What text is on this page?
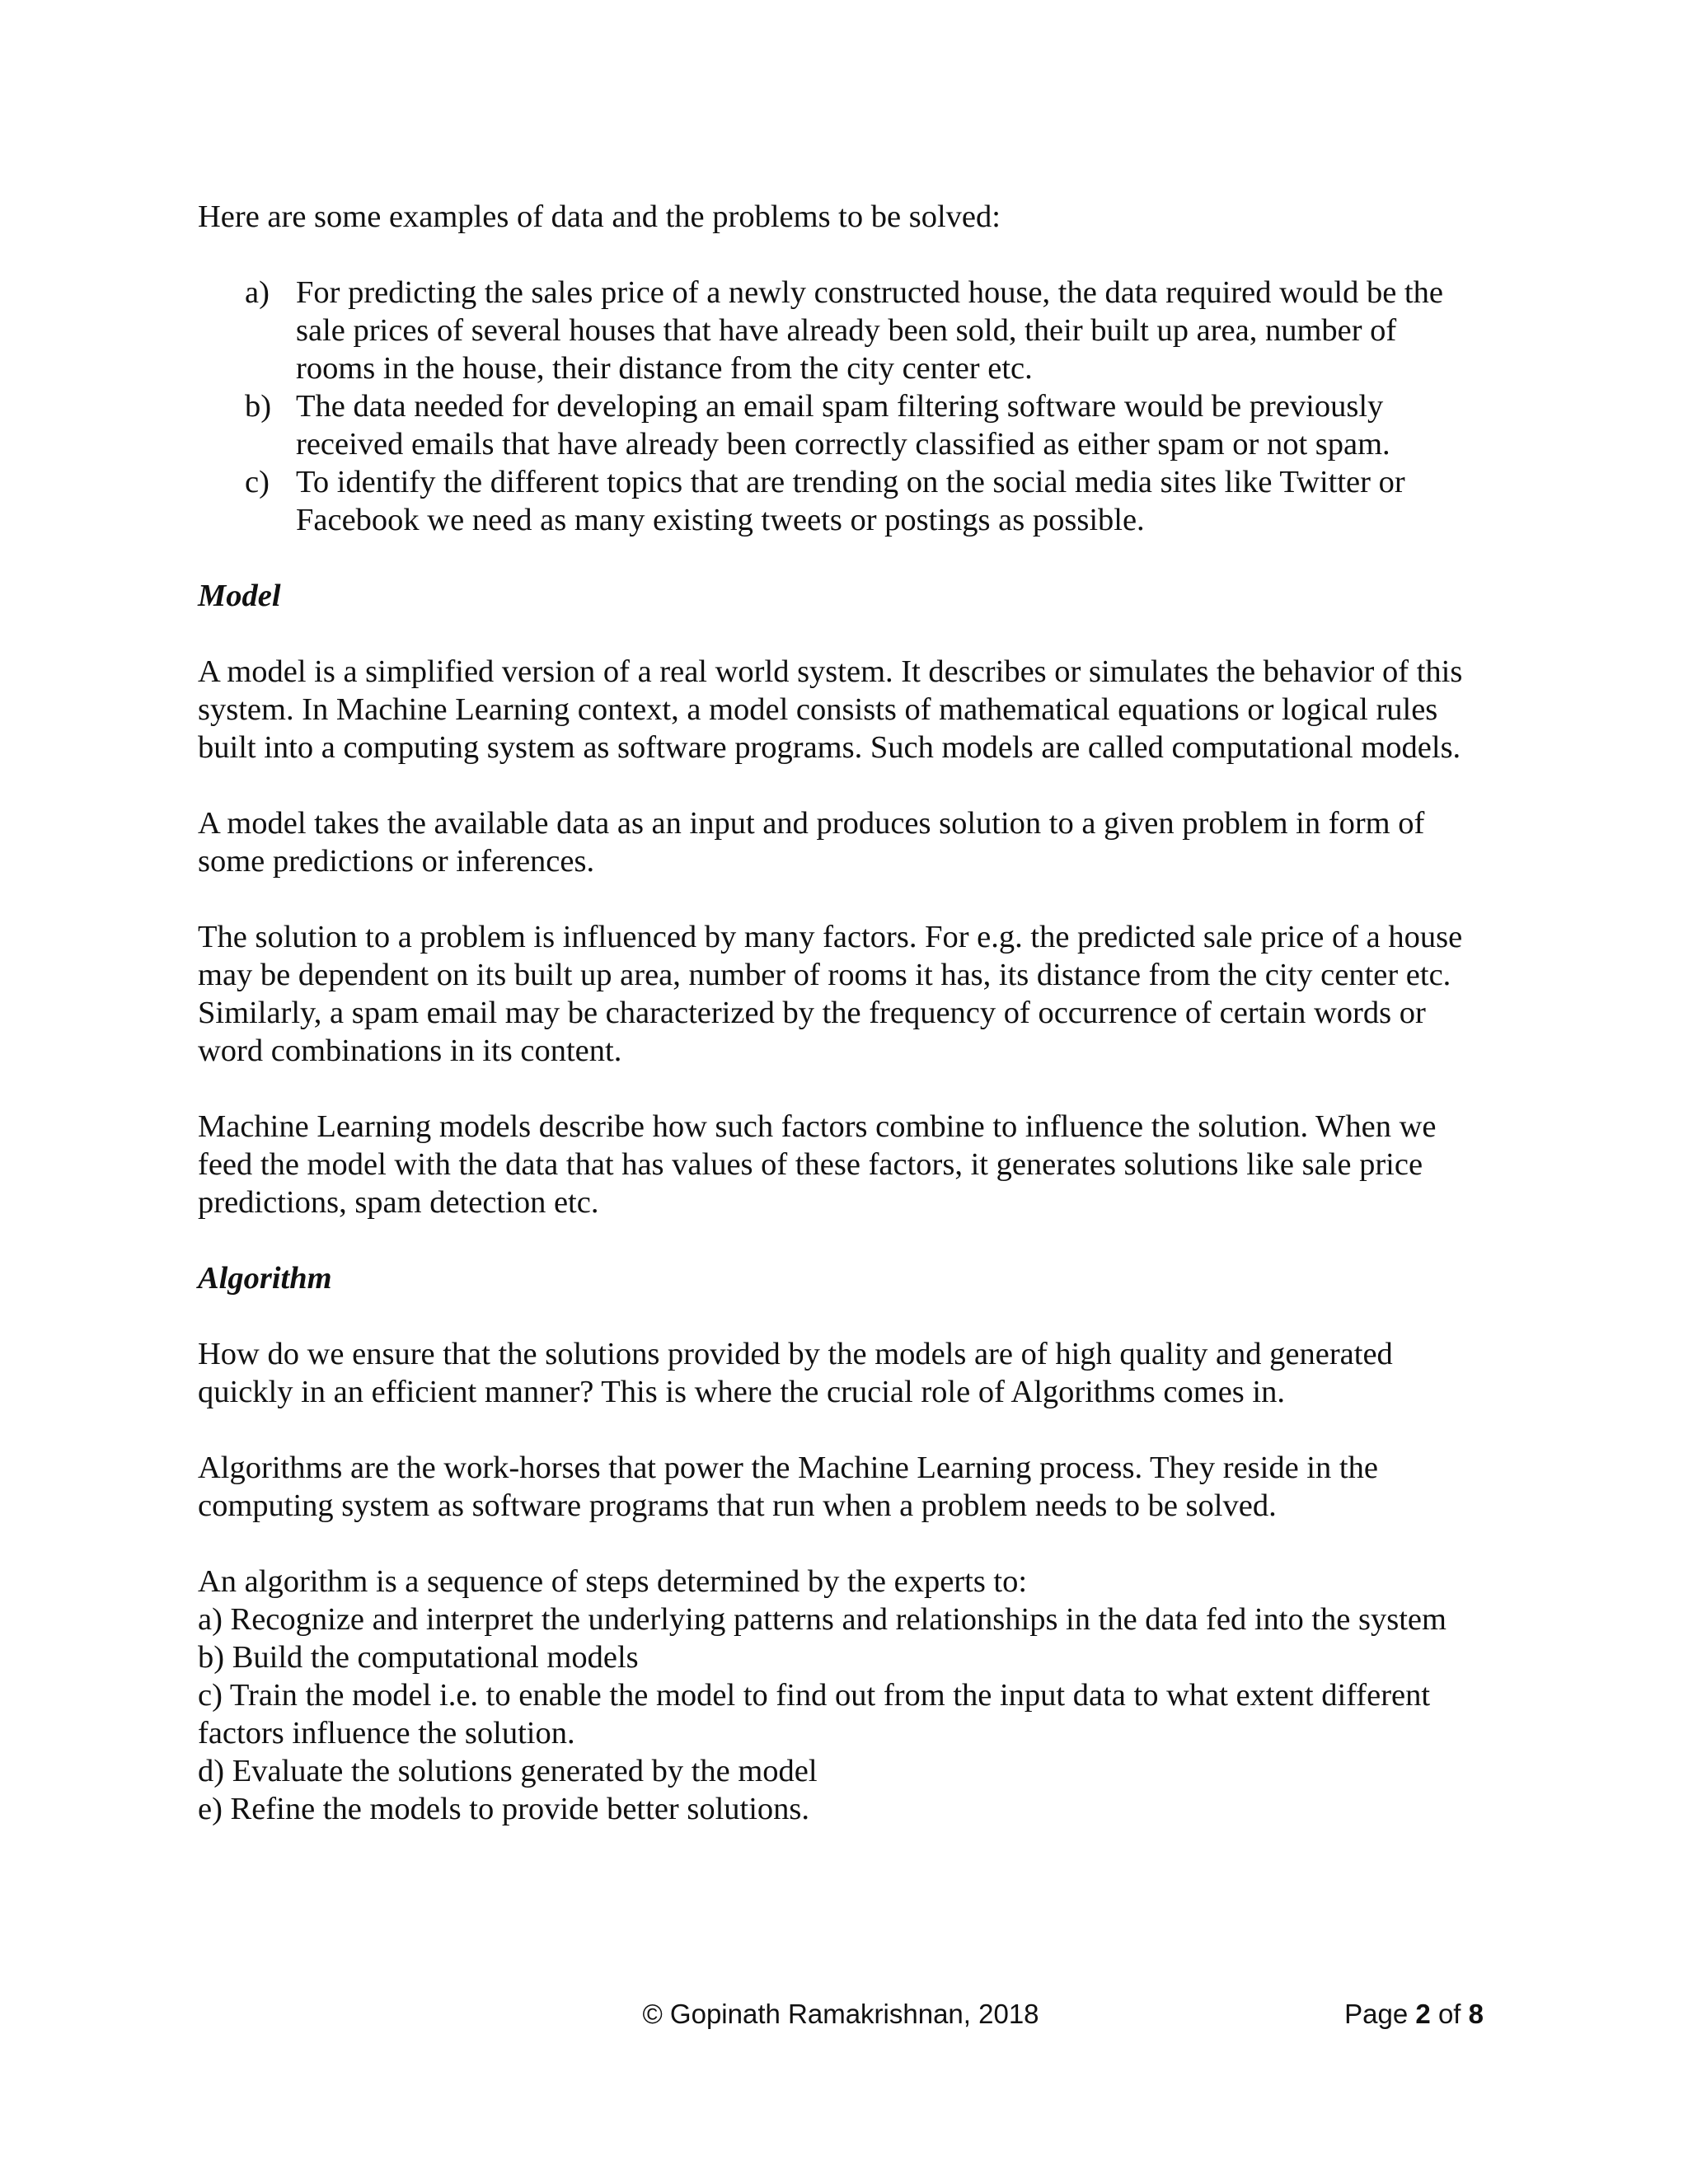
Here are some examples of data and the problems to be solved:

a) For predicting the sales price of a newly constructed house, the data required would be the sale prices of several houses that have already been sold, their built up area, number of rooms in the house, their distance from the city center etc.
b) The data needed for developing an email spam filtering software would be previously received emails that have already been correctly classified as either spam or not spam.
c) To identify the different topics that are trending on the social media sites like Twitter or Facebook we need as many existing tweets or postings as possible.

Model

A model is a simplified version of a real world system. It describes or simulates the behavior of this system. In Machine Learning context, a model consists of mathematical equations or logical rules built into a computing system as software programs. Such models are called computational models.

A model takes the available data as an input and produces solution to a given problem in form of some predictions or inferences.

The solution to a problem is influenced by many factors. For e.g. the predicted sale price of a house may be dependent on its built up area, number of rooms it has, its distance from the city center etc.

Similarly, a spam email may be characterized by the frequency of occurrence of certain words or word combinations in its content.

Machine Learning models describe how such factors combine to influence the solution. When we feed the model with the data that has values of these factors, it generates solutions like sale price predictions, spam detection etc.

Algorithm

How do we ensure that the solutions provided by the models are of high quality and generated quickly in an efficient manner? This is where the crucial role of Algorithms comes in.

Algorithms are the work-horses that power the Machine Learning process. They reside in the computing system as software programs that run when a problem needs to be solved.

An algorithm is a sequence of steps determined by the experts to:

a) Recognize and interpret the underlying patterns and relationships in the data fed into the system
b) Build the computational models
c) Train the model i.e. to enable the model to find out from the input data to what extent different factors influence the solution.
d) Evaluate the solutions generated by the model
e) Refine the models to provide better solutions.
© Gopinath Ramakrishnan, 2018	Page 2 of 8
